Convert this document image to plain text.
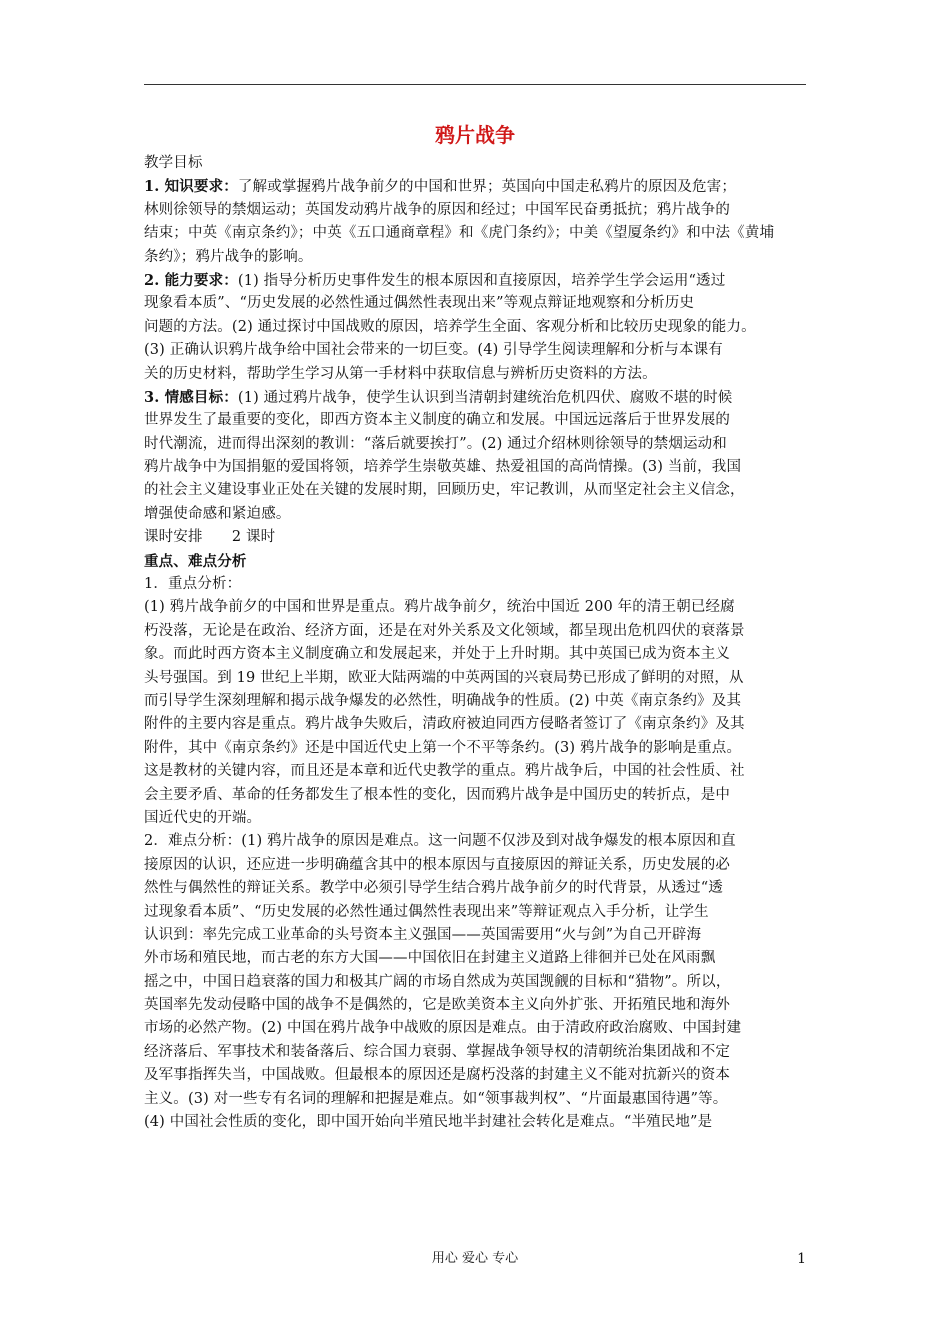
鸦片战争
教学目标
1. 知识要求：了解或掌握鸦片战争前夕的中国和世界；英国向中国走私鸦片的原因及危害；
林则徐领导的禁烟运动；英国发动鸦片战争的原因和经过；中国军民奋勇抵抗；鸦片战争的
结束；中英《南京条约》；中英《五口通商章程》和《虎门条约》；中美《望厦条约》和中法《黄埔
条约》；鸦片战争的影响。
2. 能力要求：(1) 指导分析历史事件发生的根本原因和直接原因，培养学生学会运用“透过
现象看本质”、“历史发展的必然性通过偶然性表现出来”等观点辩证地观察和分析历史
问题的方法。(2) 通过探讨中国战败的原因，培养学生全面、客观分析和比较历史现象的能力。
(3) 正确认识鸦片战争给中国社会带来的一切巨变。(4) 引导学生阅读理解和分析与本课有
关的历史材料，帮助学生学习从第一手材料中获取信息与辨析历史资料的方法。
3. 情感目标：(1) 通过鸦片战争，使学生认识到当清朝封建统治危机四伏、腐败不堪的时候
世界发生了最重要的变化，即西方资本主义制度的确立和发展。中国远远落后于世界发展的
时代潮流，进而得出深刻的教训：“落后就要挨打”。(2) 通过介绍林则徐领导的禁烟运动和
鸦片战争中为国捐躯的爱国将领，培养学生崇敬英雄、热爱祖国的高尚情操。(3) 当前，我国
的社会主义建设事业正处在关键的发展时期，回顾历史，牢记教训，从而坚定社会主义信念，
增强使命感和紧迫感。
课时安排　　2 课时
重点、难点分析
1．重点分析：
(1) 鸦片战争前夕的中国和世界是重点。鸦片战争前夕，统治中国近 200 年的清王朝已经腐
朽没落，无论是在政治、经济方面，还是在对外关系及文化领域，都呈现出危机四伏的衰落景
象。而此时西方资本主义制度确立和发展起来，并处于上升时期。其中英国已成为资本主义
头号强国。到 19 世纪上半期，欧亚大陆两端的中英两国的兴衰局势已形成了鲜明的对照，从
而引导学生深刻理解和揭示战争爆发的必然性，明确战争的性质。(2) 中英《南京条约》及其
附件的主要内容是重点。鸦片战争失败后，清政府被迫同西方侵略者签订了《南京条约》及其
附件，其中《南京条约》还是中国近代史上第一个不平等条约。(3) 鸦片战争的影响是重点。
这是教材的关键内容，而且还是本章和近代史教学的重点。鸦片战争后，中国的社会性质、社
会主要矛盾、革命的任务都发生了根本性的变化，因而鸦片战争是中国历史的转折点，是中
国近代史的开端。
2．难点分析：(1) 鸦片战争的原因是难点。这一问题不仅涉及到对战争爆发的根本原因和直
接原因的认识，还应进一步明确蕴含其中的根本原因与直接原因的辩证关系，历史发展的必
然性与偶然性的辩证关系。教学中必须引导学生结合鸦片战争前夕的时代背景，从透过“透
过现象看本质”、“历史发展的必然性通过偶然性表现出来”等辩证观点入手分析，让学生
认识到：率先完成工业革命的头号资本主义强国——英国需要用“火与剑”为自己开辟海
外市场和殖民地，而古老的东方大国——中国依旧在封建主义道路上徘徊并已处在风雨飘
摇之中，中国日趋衰落的国力和极其广阔的市场自然成为英国觊觎的目标和“猎物”。所以，
英国率先发动侵略中国的战争不是偶然的，它是欧美资本主义向外扩张、开拓殖民地和海外
市场的必然产物。(2) 中国在鸦片战争中战败的原因是难点。由于清政府政治腐败、中国封建
经济落后、军事技术和装备落后、综合国力衰弱、掌握战争领导权的清朝统治集团战和不定
及军事指挥失当，中国战败。但最根本的原因还是腐朽没落的封建主义不能对抗新兴的资本
主义。(3) 对一些专有名词的理解和把握是难点。如“领事裁判权”、“片面最惠国待遇”等。
(4) 中国社会性质的变化，即中国开始向半殖民地半封建社会转化是难点。“半殖民地”是
用心 爱心 专心	1
